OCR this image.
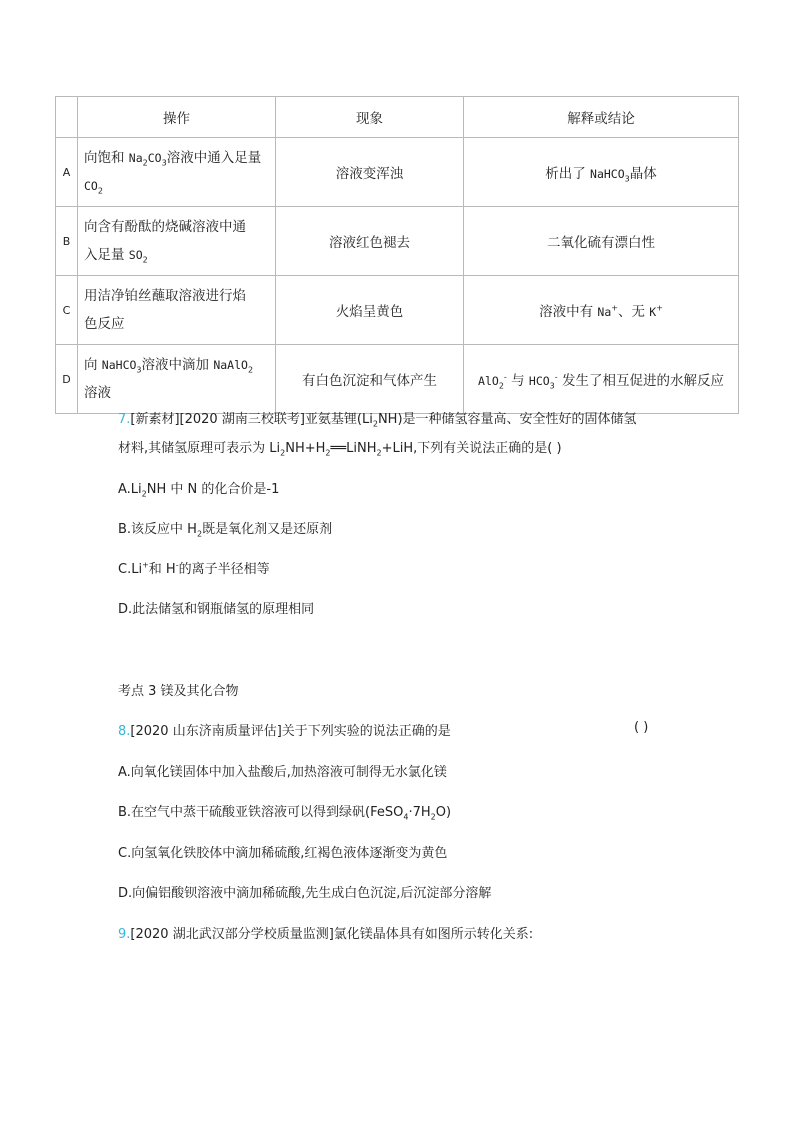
	操作	现象	解释或结论
A	向饱和 $Na_2CO_3$溶液中通入足量
$CO_2$	溶液变浑浊	析出了 NaHCO$_3$晶体
B	向含有酚酞的烧碱溶液中通
入足量 $SO_2$	溶液红色褪去	二氧化硫有漂白性
C	用洁净铂丝蘸取溶液进行焰
色反应	火焰呈黄色	溶液中有 Na+、无 K+
D	向 NaHCO$_3$溶液中滴加 NaAlO$_2$
溶液	有白色沉淀和气体产生	AlO$_2$- 与 $HCO_3^-$ 发生了相互促进的水解反应
7.[新素材][2020 湖南三校联考]亚氨基锂$(Li_2NH)$是一种储氢容量高、安全性好的固体储氢
材料,其储氢原理可表示为 $Li_2NH+H_2══LiNH_2+LiH$,下列有关说法正确的是( )
$A.Li_2NH$ 中 N 的化合价是-1
B.该反应中 $H_2$既是氧化剂又是还原剂
C.Li+和 H-的离子半径相等
D.此法储氢和钢瓶储氢的原理相同
考点 3 镁及其化合物
8.[2020 山东济南质量评估]关于下列实验的说法正确的是	( )
A.向氧化镁固体中加入盐酸后,加热溶液可制得无水氯化镁
B.在空气中蒸干硫酸亚铁溶液可以得到绿矾$(FeSO_4\cdot 7H_2O)$
C.向氢氧化铁胶体中滴加稀硫酸,红褐色液体逐渐变为黄色
D.向偏铝酸钡溶液中滴加稀硫酸,先生成白色沉淀,后沉淀部分溶解
9.[2020 湖北武汉部分学校质量监测]氯化镁晶体具有如图所示转化关系:
